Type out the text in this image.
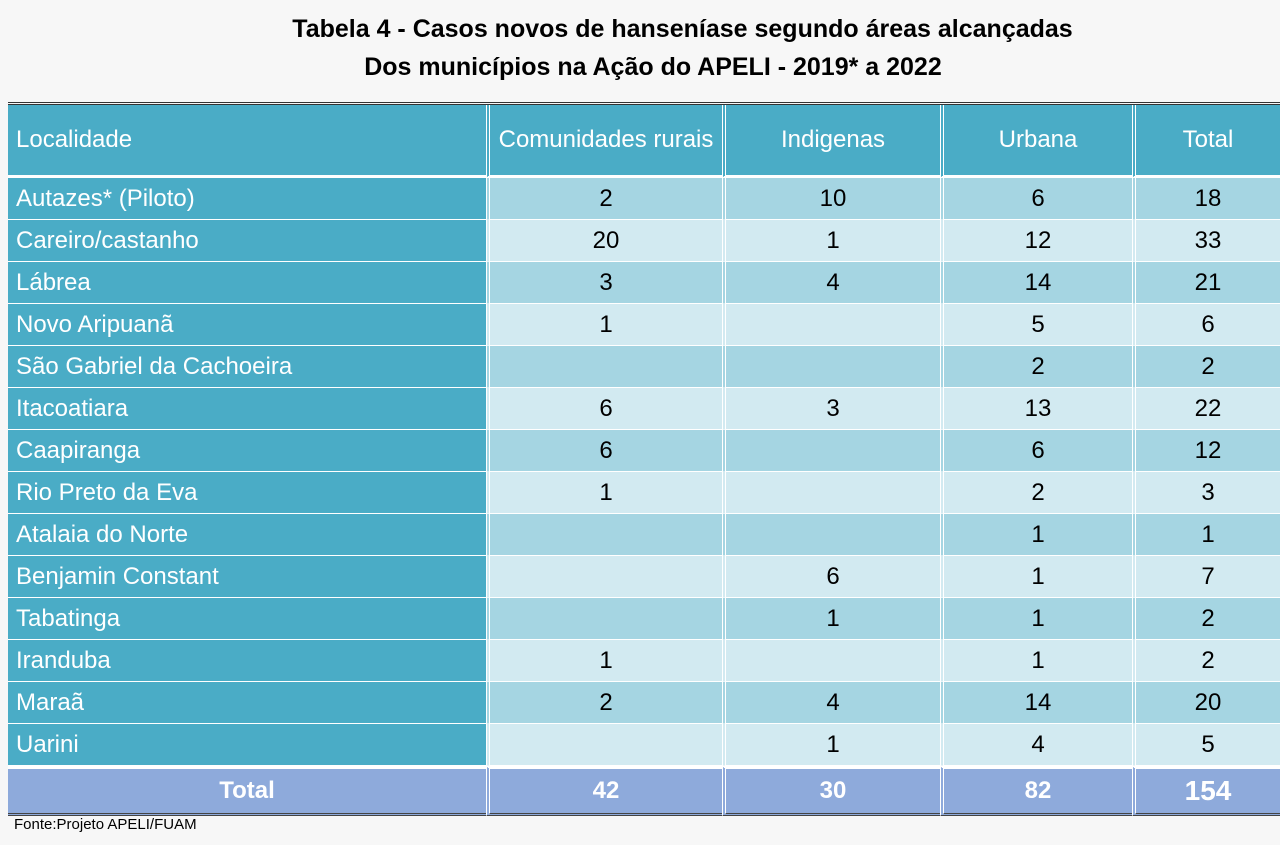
Tabela 4 - Casos novos de hanseníase segundo áreas alcançadas
Dos municípios na Ação do APELI - 2019* a 2022
Localidade	Comunidades rurais	Indigenas	Urbana	Total
Autazes* (Piloto)	2	10	6	18
Careiro/castanho	20	1	12	33
Lábrea	3	4	14	21
Novo Aripuanã	1		5	6
São Gabriel da Cachoeira			2	2
Itacoatiara	6	3	13	22
Caapiranga	6		6	12
Rio Preto da Eva	1		2	3
Atalaia do Norte			1	1
Benjamin Constant		6	1	7
Tabatinga		1	1	2
Iranduba	1		1	2
Maraã	2	4	14	20
Uarini		1	4	5
Total	42	30	82	154
Fonte:Projeto APELI/FUAM
